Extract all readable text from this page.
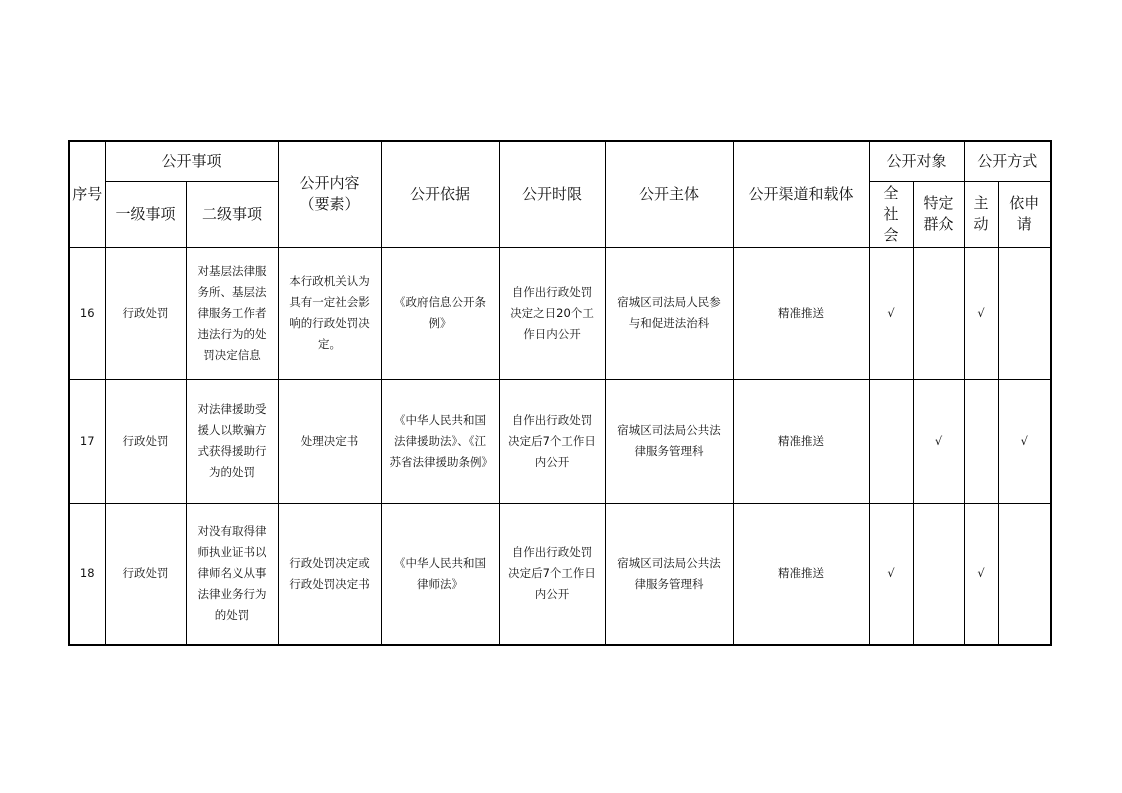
序号	公开事项		公开内容（要素）	公开依据	公开时限	公开主体	公开渠道和载体	公开对象		公开方式	
	一级事项	二级事项						全社会	特定群众	主动	依申请

16	行政处罚	对基层法律服务所、基层法律服务工作者违法行为的处罚决定信息	本行政机关认为具有一定社会影响的行政处罚决定。	《政府信息公开条例》	自作出行政处罚决定之日20个工作日内公开	宿城区司法局人民参与和促进法治科	精准推送	√		√	
17	行政处罚	对法律援助受援人以欺骗方式获得援助行为的处罚	处理决定书	《中华人民共和国法律援助法》、《江苏省法律援助条例》	自作出行政处罚决定后7个工作日内公开	宿城区司法局公共法律服务管理科	精准推送		√		√
18	行政处罚	对没有取得律师执业证书以律师名义从事法律业务行为的处罚	行政处罚决定或行政处罚决定书	《中华人民共和国律师法》	自作出行政处罚决定后7个工作日内公开	宿城区司法局公共法律服务管理科	精准推送	√		√	
